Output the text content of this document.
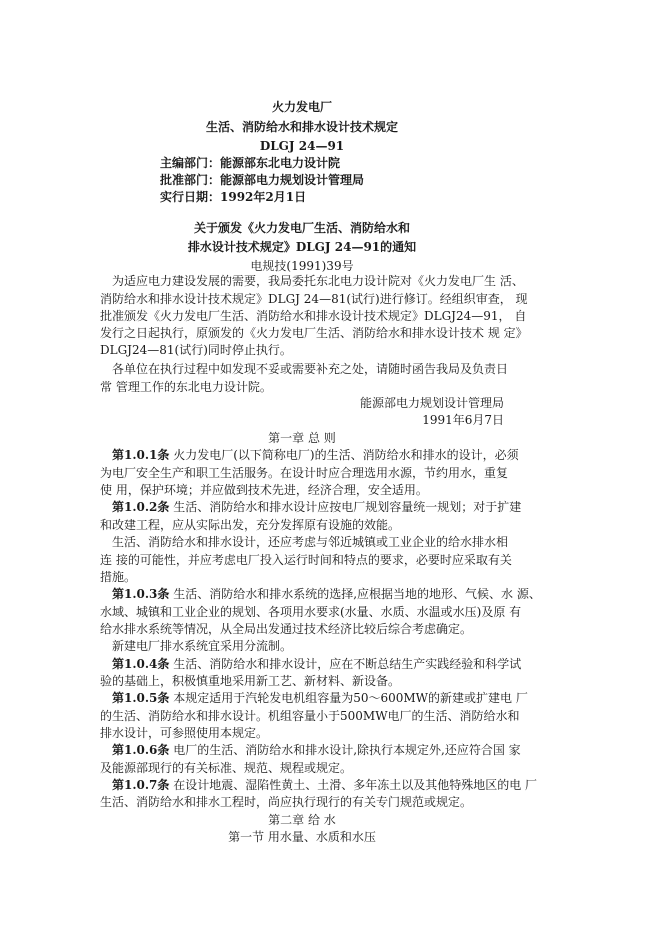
火力发电厂
生活、消防给水和排水设计技术规定
DLGJ 24—91
主编部门：能源部东北电力设计院
批准部门：能源部电力规划设计管理局
实行日期：1992年2月1日
关于颁发《火力发电厂生活、消防给水和
排水设计技术规定》DLGJ 24—91的通知
电规技(1991)39号
为适应电力建设发展的需要，我局委托东北电力设计院对《火力发电厂生 活、
消防给水和排水设计技术规定》DLGJ 24—81(试行)进行修订。经组织审查， 现
批准颁发《火力发电厂生活、消防给水和排水设计技术规定》DLGJ24—91， 自
发行之日起执行，原颁发的《火力发电厂生活、消防给水和排水设计技术 规 定》
DLGJ24—81(试行)同时停止执行。
各单位在执行过程中如发现不妥或需要补充之处，请随时函告我局及负责日
常 管理工作的东北电力设计院。
能源部电力规划设计管理局
1991年6月7日
第一章 总 则
第1.0.1条 火力发电厂(以下简称电厂)的生活、消防给水和排水的设计，必须
为电厂安全生产和职工生活服务。在设计时应合理选用水源，节约用水，重复
使 用，保护环境；并应做到技术先进，经济合理，安全适用。
第1.0.2条 生活、消防给水和排水设计应按电厂规划容量统一规划；对于扩建
和改建工程，应从实际出发，充分发挥原有设施的效能。
生活、消防给水和排水设计，还应考虑与邻近城镇或工业企业的给水排水相
连 接的可能性，并应考虑电厂投入运行时间和特点的要求，必要时应采取有关
措施。
第1.0.3条 生活、消防给水和排水系统的选择,应根据当地的地形、气候、水 源、
水域、城镇和工业企业的规划、各项用水要求(水量、水质、水温或水压)及原 有
给水排水系统等情况，从全局出发通过技术经济比较后综合考虑确定。
新建电厂排水系统宜采用分流制。
第1.0.4条 生活、消防给水和排水设计，应在不断总结生产实践经验和科学试
验的基础上，积极慎重地采用新工艺、新材料、新设备。
第1.0.5条 本规定适用于汽轮发电机组容量为50～600MW的新建或扩建电 厂
的生活、消防给水和排水设计。机组容量小于500MW电厂的生活、消防给水和
排水设计，可参照使用本规定。
第1.0.6条 电厂的生活、消防给水和排水设计,除执行本规定外,还应符合国 家
及能源部现行的有关标准、规范、规程或规定。
第1.0.7条 在设计地震、湿陷性黄土、土滑、多年冻土以及其他特殊地区的电 厂
生活、消防给水和排水工程时，尚应执行现行的有关专门规范或规定。
第二章 给 水
第一节 用水量、水质和水压
